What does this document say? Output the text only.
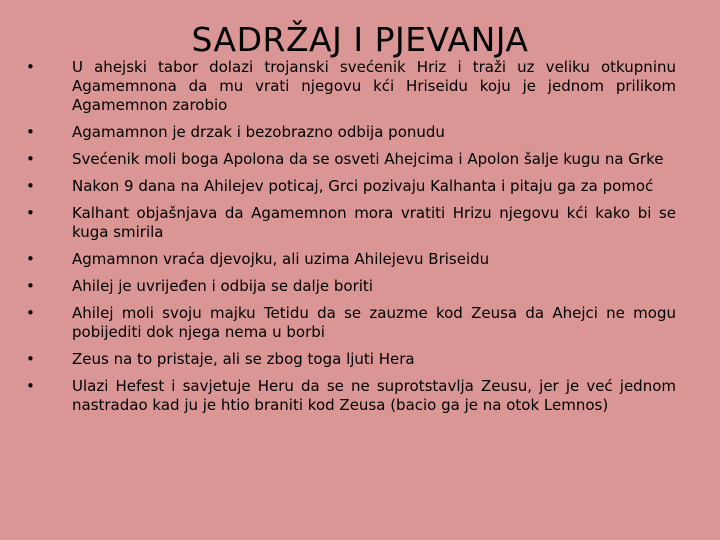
SADRŽAJ I PJEVANJA
•	U ahejski tabor dolazi trojanski svećenik Hriz i traži uz veliku otkupninu Agamemnona da mu vrati njegovu kći Hriseidu koju je jednom prilikom Agamemnon zarobio
•	Agamamnon je drzak i bezobrazno odbija ponudu
•	Svećenik moli boga Apolona da se osveti Ahejcima i Apolon šalje kugu na Grke
•	Nakon 9 dana na Ahilejev poticaj, Grci pozivaju Kalhanta i pitaju ga za pomoć
•	Kalhant objašnjava da Agamemnon mora vratiti Hrizu njegovu kći kako bi se kuga smirila
•	Agmamnon vraća djevojku, ali uzima Ahilejevu Briseidu
•	Ahilej je uvrijeđen i odbija se dalje boriti
•	Ahilej moli svoju majku Tetidu da se zauzme kod Zeusa da Ahejci ne mogu pobijediti dok njega nema u borbi
•	Zeus na to pristaje, ali se zbog toga ljuti Hera
•	Ulazi Hefest i savjetuje Heru da se ne suprotstavlja Zeusu, jer je već jednom nastradao kad ju je htio braniti kod Zeusa (bacio ga je na otok Lemnos)
